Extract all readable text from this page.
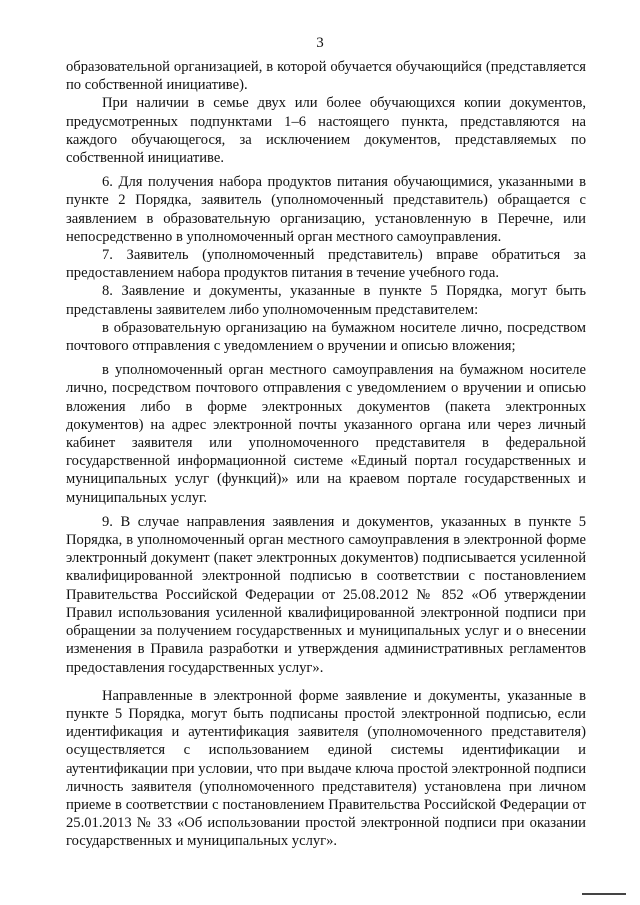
3

образовательной организацией, в которой обучается обучающийся (представляется по собственной инициативе).

При наличии в семье двух или более обучающихся копии документов, предусмотренных подпунктами 1–6 настоящего пункта, представляются на каждого обучающегося, за исключением документов, представляемых по собственной инициативе.

6. Для получения набора продуктов питания обучающимися, указанными в пункте 2 Порядка, заявитель (уполномоченный представитель) обращается с заявлением в образовательную организацию, установленную в Перечне, или непосредственно в уполномоченный орган местного самоуправления.

7. Заявитель (уполномоченный представитель) вправе обратиться за предоставлением набора продуктов питания в течение учебного года.

8. Заявление и документы, указанные в пункте 5 Порядка, могут быть представлены заявителем либо уполномоченным представителем:

в образовательную организацию на бумажном носителе лично, посредством почтового отправления с уведомлением о вручении и описью вложения;

в уполномоченный орган местного самоуправления на бумажном носителе лично, посредством почтового отправления с уведомлением о вручении и описью вложения либо в форме электронных документов (пакета электронных документов) на адрес электронной почты указанного органа или через личный кабинет заявителя или уполномоченного представителя в федеральной государственной информационной системе «Единый портал государственных и муниципальных услуг (функций)» или на краевом портале государственных и муниципальных услуг.

9. В случае направления заявления и документов, указанных в пункте 5 Порядка, в уполномоченный орган местного самоуправления в электронной форме электронный документ (пакет электронных документов) подписывается усиленной квалифицированной электронной подписью в соответствии с постановлением Правительства Российской Федерации от 25.08.2012 № 852 «Об утверждении Правил использования усиленной квалифицированной электронной подписи при обращении за получением государственных и муниципальных услуг и о внесении изменения в Правила разработки и утверждения административных регламентов предоставления государственных услуг».

Направленные в электронной форме заявление и документы, указанные в пункте 5 Порядка, могут быть подписаны простой электронной подписью, если идентификация и аутентификация заявителя (уполномоченного представителя) осуществляется с использованием единой системы идентификации и аутентификации при условии, что при выдаче ключа простой электронной подписи личность заявителя (уполномоченного представителя) установлена при личном приеме в соответствии с постановлением Правительства Российской Федерации от 25.01.2013 № 33 «Об использовании простой электронной подписи при оказании государственных и муниципальных услуг».
